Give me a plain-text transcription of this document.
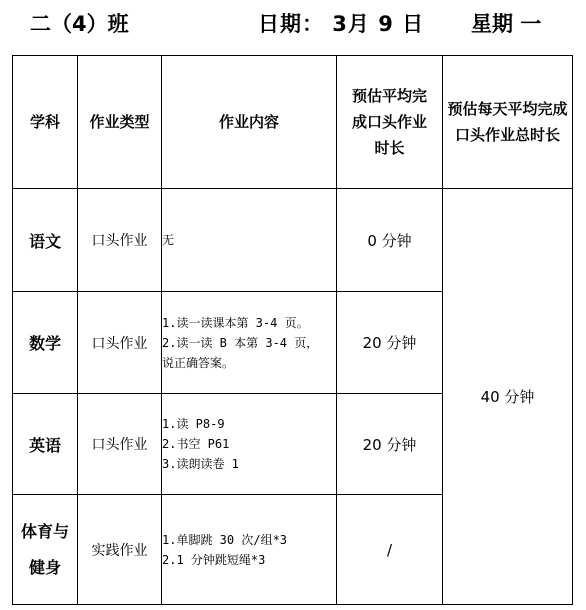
二（4）班	日期： 3月 9 日 星期 一
学科	作业类型	作业内容	预估平均完
成口头作业
时长	预估每天平均完成
口头作业总时长

语文	口头作业	无	0 分钟	40 分钟
数学	口头作业	1.读一读课本第 3-4 页。
2.读一读 B 本第 3-4 页，
说正确答案。	20 分钟	
英语	口头作业	1.读 P8-9
2.书空 P61
3.读朗读卷 1	20 分钟	

体育与
健身	实践作业	1.单脚跳 30 次/组*3
2.1 分钟跳短绳*3	/	
